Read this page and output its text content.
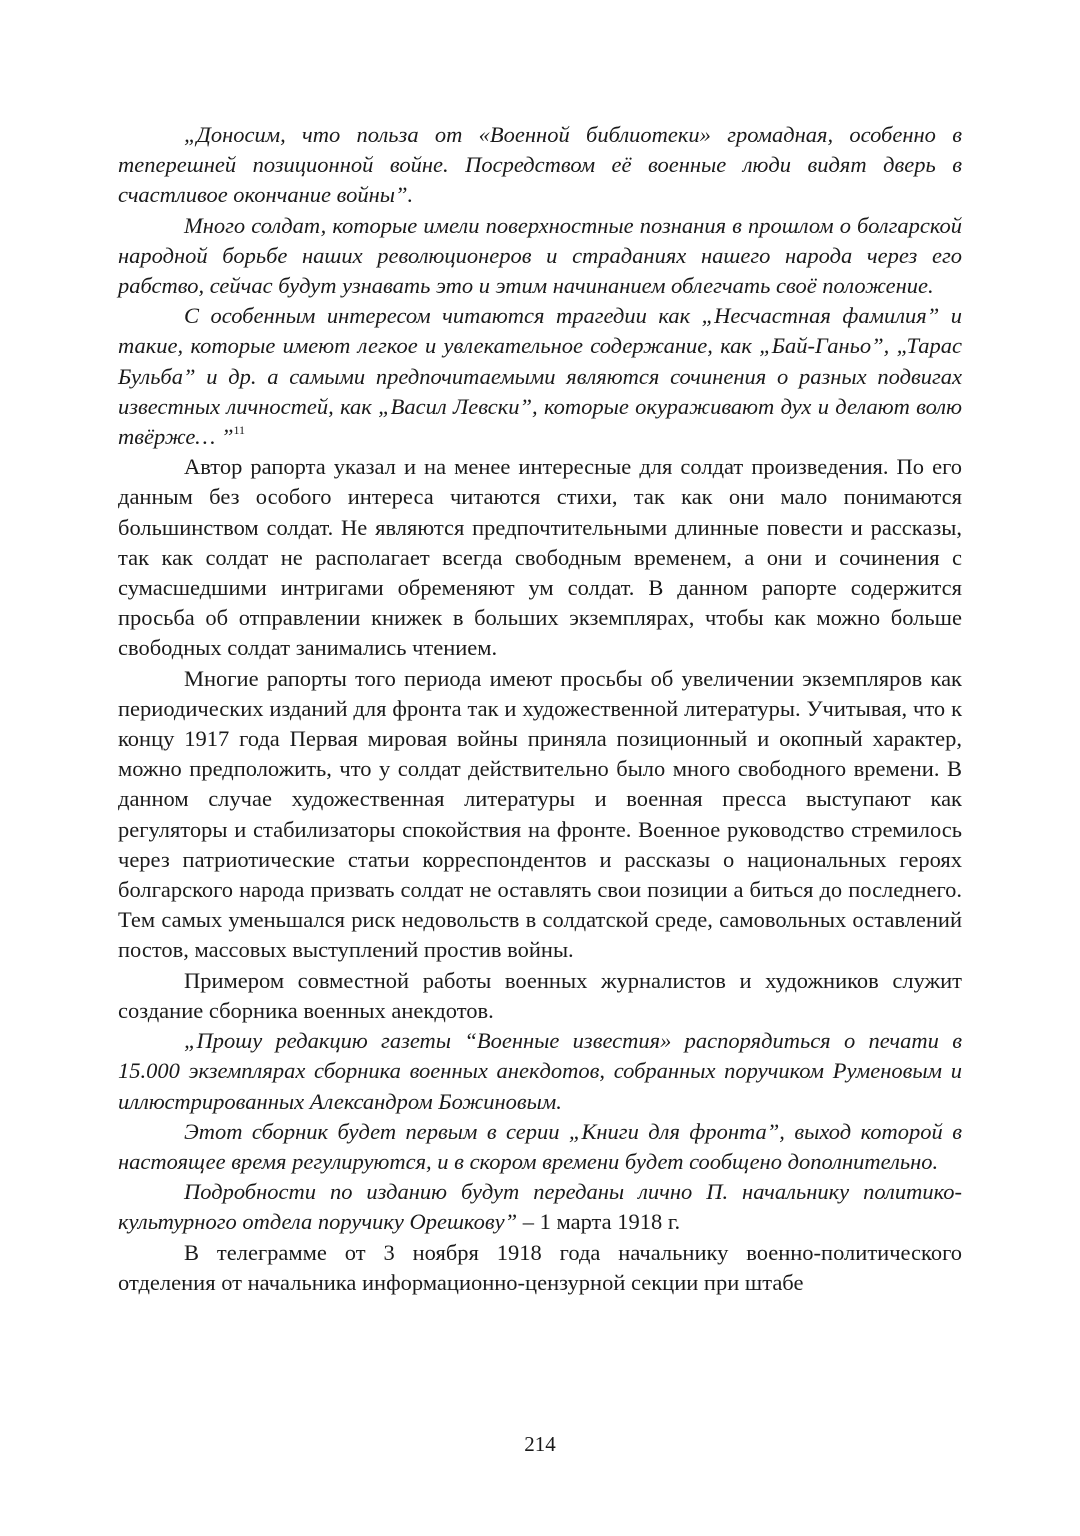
„Доносим, что польза от «Военной библиотеки» громадная, особенно в теперешней позиционной войне. Посредством её военные люди видят дверь в счастливое окончание войны”.

Много солдат, которые имели поверхностные познания в прошлом о болгарской народной борьбе наших революционеров и страданиях нашего народа через его рабство, сейчас будут узнавать это и этим начинанием облегчать своё положение.

С особенным интересом читаются трагедии как „Несчастная фамилия” и такие, которые имеют легкое и увлекательное содержание, как „Бай-Ганьо”, „Тарас Бульба” и др. а самыми предпочитаемыми являются сочинения о разных подвигах известных личностей, как „Васил Левски”, которые окураживают дух и делают волю твёрже… ”$^{11}$

Автор рапорта указал и на менее интересные для солдат произведения. По его данным без особого интереса читаются стихи, так как они мало понимаются большинством солдат. Не являются предпочтительными длинные повести и рассказы, так как солдат не располагает всегда свободным временем, а они и сочинения с сумасшедшими интригами обременяют ум солдат. В данном рапорте содержится просьба об отправлении книжек в больших экземплярах, чтобы как можно больше свободных солдат занимались чтением.

Многие рапорты того периода имеют просьбы об увеличении экземпляров как периодических изданий для фронта так и художественной литературы. Учитывая, что к концу 1917 года Первая мировая войны приняла позиционный и окопный характер, можно предположить, что у солдат действительно было много свободного времени. В данном случае художественная литературы и военная пресса выступают как регуляторы и стабилизаторы спокойствия на фронте. Военное руководство стремилось через патриотические статьи корреспондентов и рассказы о национальных героях болгарского народа призвать солдат не оставлять свои позиции а биться до последнего. Тем самых уменьшался риск недовольств в солдатской среде, самовольных оставлений постов, массовых выступлений простив войны.

Примером совместной работы военных журналистов и художников служит создание сборника военных анекдотов.

„Прошу редакцию газеты “Военные известия» распорядиться о печати в 15.000 экземплярах сборника военных анекдотов, собранных поручиком Руменовым и иллюстрированных Александром Божиновым.

Этот сборник будет первым в серии „Книги для фронта”, выход которой в настоящее время регулируются, и в скором времени будет сообщено дополнительно.

Подробности по изданию будут переданы лично П. начальнику политико-культурного отдела поручику Орешкову” – 1 марта 1918 г.

В телеграмме от 3 ноября 1918 года начальнику военно-политического отделения от начальника информационно-цензурной секции при штабе

214
